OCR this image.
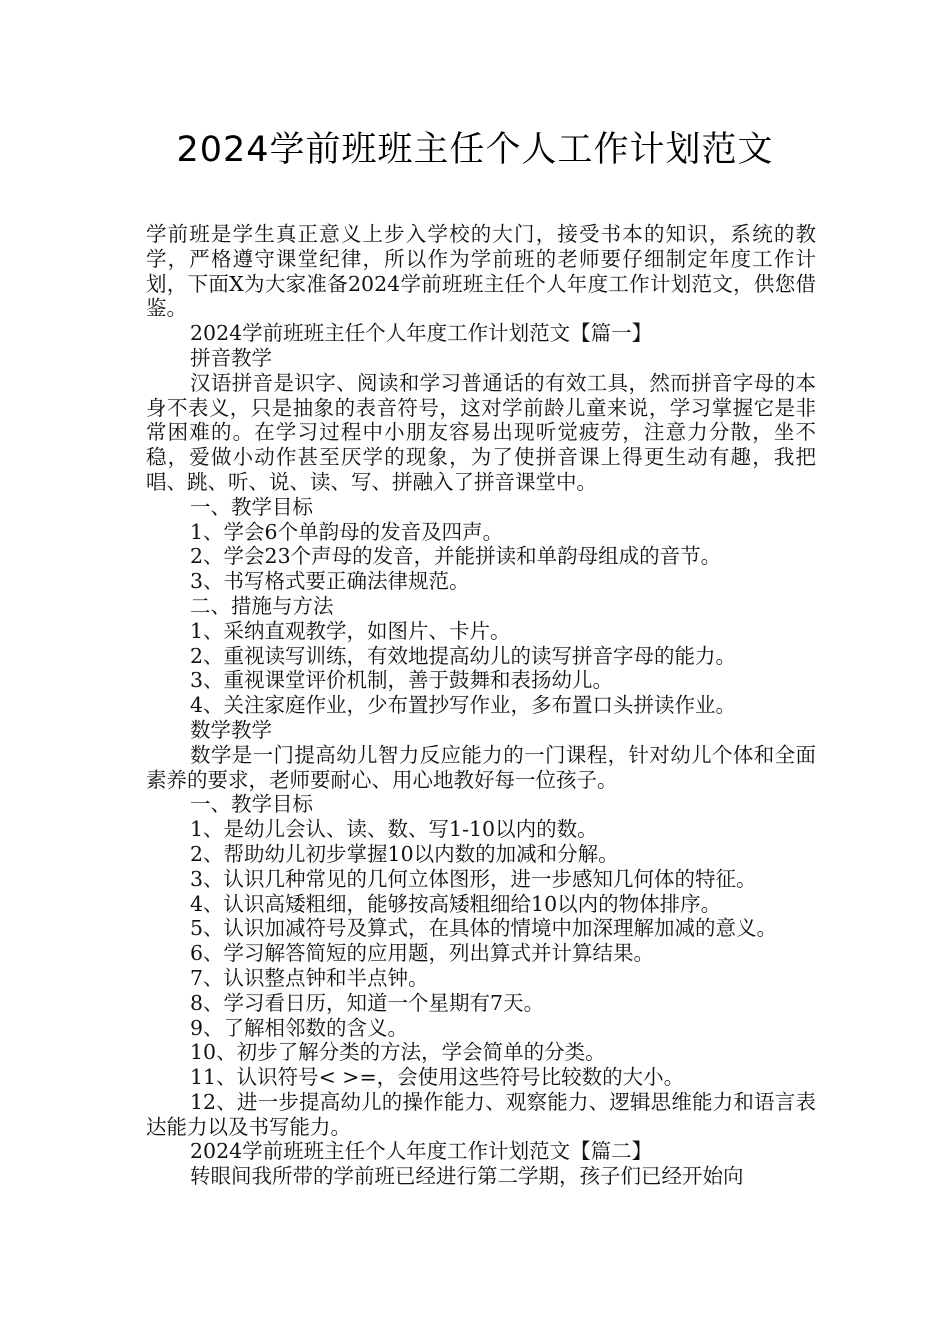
2024学前班班主任个人工作计划范文

学前班是学生真正意义上步入学校的大门，接受书本的知识，系统的教学，严格遵守课堂纪律，所以作为学前班的老师要仔细制定年度工作计划，下面X为大家准备2024学前班班主任个人年度工作计划范文，供您借鉴。

2024学前班班主任个人年度工作计划范文【篇一】

拼音教学

汉语拼音是识字、阅读和学习普通话的有效工具，然而拼音字母的本身不表义，只是抽象的表音符号，这对学前龄儿童来说，学习掌握它是非常困难的。在学习过程中小朋友容易出现听觉疲劳，注意力分散，坐不稳，爱做小动作甚至厌学的现象，为了使拼音课上得更生动有趣，我把唱、跳、听、说、读、写、拼融入了拼音课堂中。

一、教学目标

1、学会6个单韵母的发音及四声。

2、学会23个声母的发音，并能拼读和单韵母组成的音节。

3、书写格式要正确法律规范。

二、措施与方法

1、采纳直观教学，如图片、卡片。

2、重视读写训练，有效地提高幼儿的读写拼音字母的能力。

3、重视课堂评价机制，善于鼓舞和表扬幼儿。

4、关注家庭作业，少布置抄写作业，多布置口头拼读作业。

数学教学

数学是一门提高幼儿智力反应能力的一门课程，针对幼儿个体和全面素养的要求，老师要耐心、用心地教好每一位孩子。

一、教学目标

1、是幼儿会认、读、数、写1-10以内的数。

2、帮助幼儿初步掌握10以内数的加减和分解。

3、认识几种常见的几何立体图形，进一步感知几何体的特征。

4、认识高矮粗细，能够按高矮粗细给10以内的物体排序。

5、认识加减符号及算式，在具体的情境中加深理解加减的意义。

6、学习解答简短的应用题，列出算式并计算结果。

7、认识整点钟和半点钟。

8、学习看日历，知道一个星期有7天。

9、了解相邻数的含义。

10、初步了解分类的方法，学会简单的分类。

11、认识符号< >=，会使用这些符号比较数的大小。

12、进一步提高幼儿的操作能力、观察能力、逻辑思维能力和语言表达能力以及书写能力。

2024学前班班主任个人年度工作计划范文【篇二】

转眼间我所带的学前班已经进行第二学期，孩子们已经开始向
